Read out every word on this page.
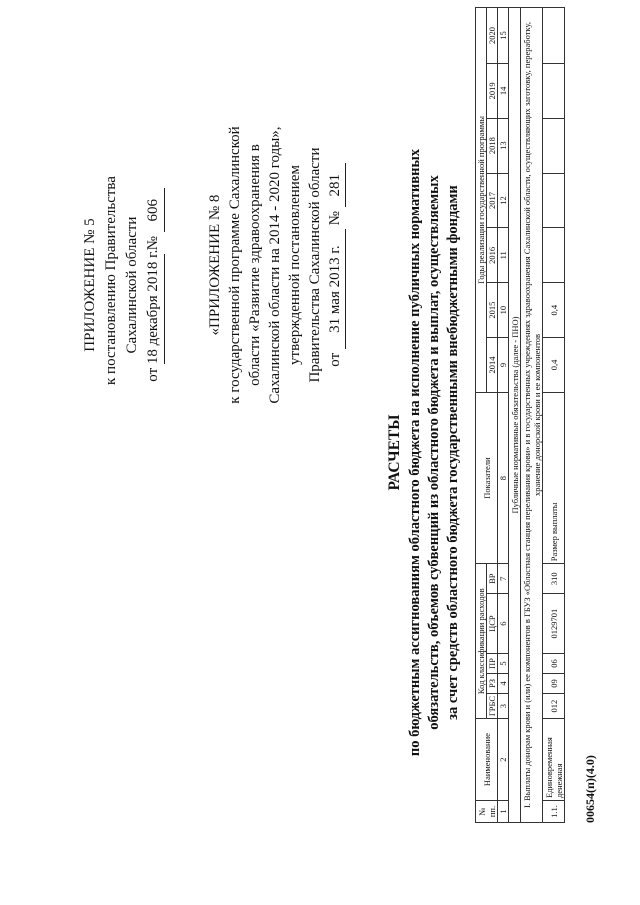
ПРИЛОЖЕНИЕ № 5 к постановлению Правительства Сахалинской области
от 18 декабря 2018 г. № 606	«ПРИЛОЖЕНИЕ № 8 к государственной программе Сахалинской области «Развитие здравоохранения в Сахалинской области на 2014 - 2020 годы», утвержденной постановлением Правительства Сахалинской области от 31 мая 2013 г. № 281
РАСЧЕТЫ по бюджетным ассигнованиям областного бюджета на исполнение публичных нормативных обязательств, объемов субвенций из областного бюджета и выплат, осуществляемых за счет средств областного бюджета государственными внебюджетными фондами
№ пп.	Наименование	Код классификации расходов					Показатели	Годы реализации государственной программы						
		ГРБС	РЗ	ПР	ЦСР	ВР		2014	2015	2016	2017	2018	2019	2020
1	2	3	4	5	6	7	8	9	10	11	12	13	14	15
Публичные нормативные обязательства (далее - ПНО)														
I. Выплаты донорам крови и (или) ее компонентов в ГБУЗ «Областная станция переливания крови» и в государственных учреждениях здравоохранения Сахалинской области, осуществляющих заготовку, переработку, хранение донорской крови и ее компонентов														
1.1.	Единовременная денежная	012	09	06	0129701	310	Размер выплаты	0,4	0,4					
00654(п)(4.0)
